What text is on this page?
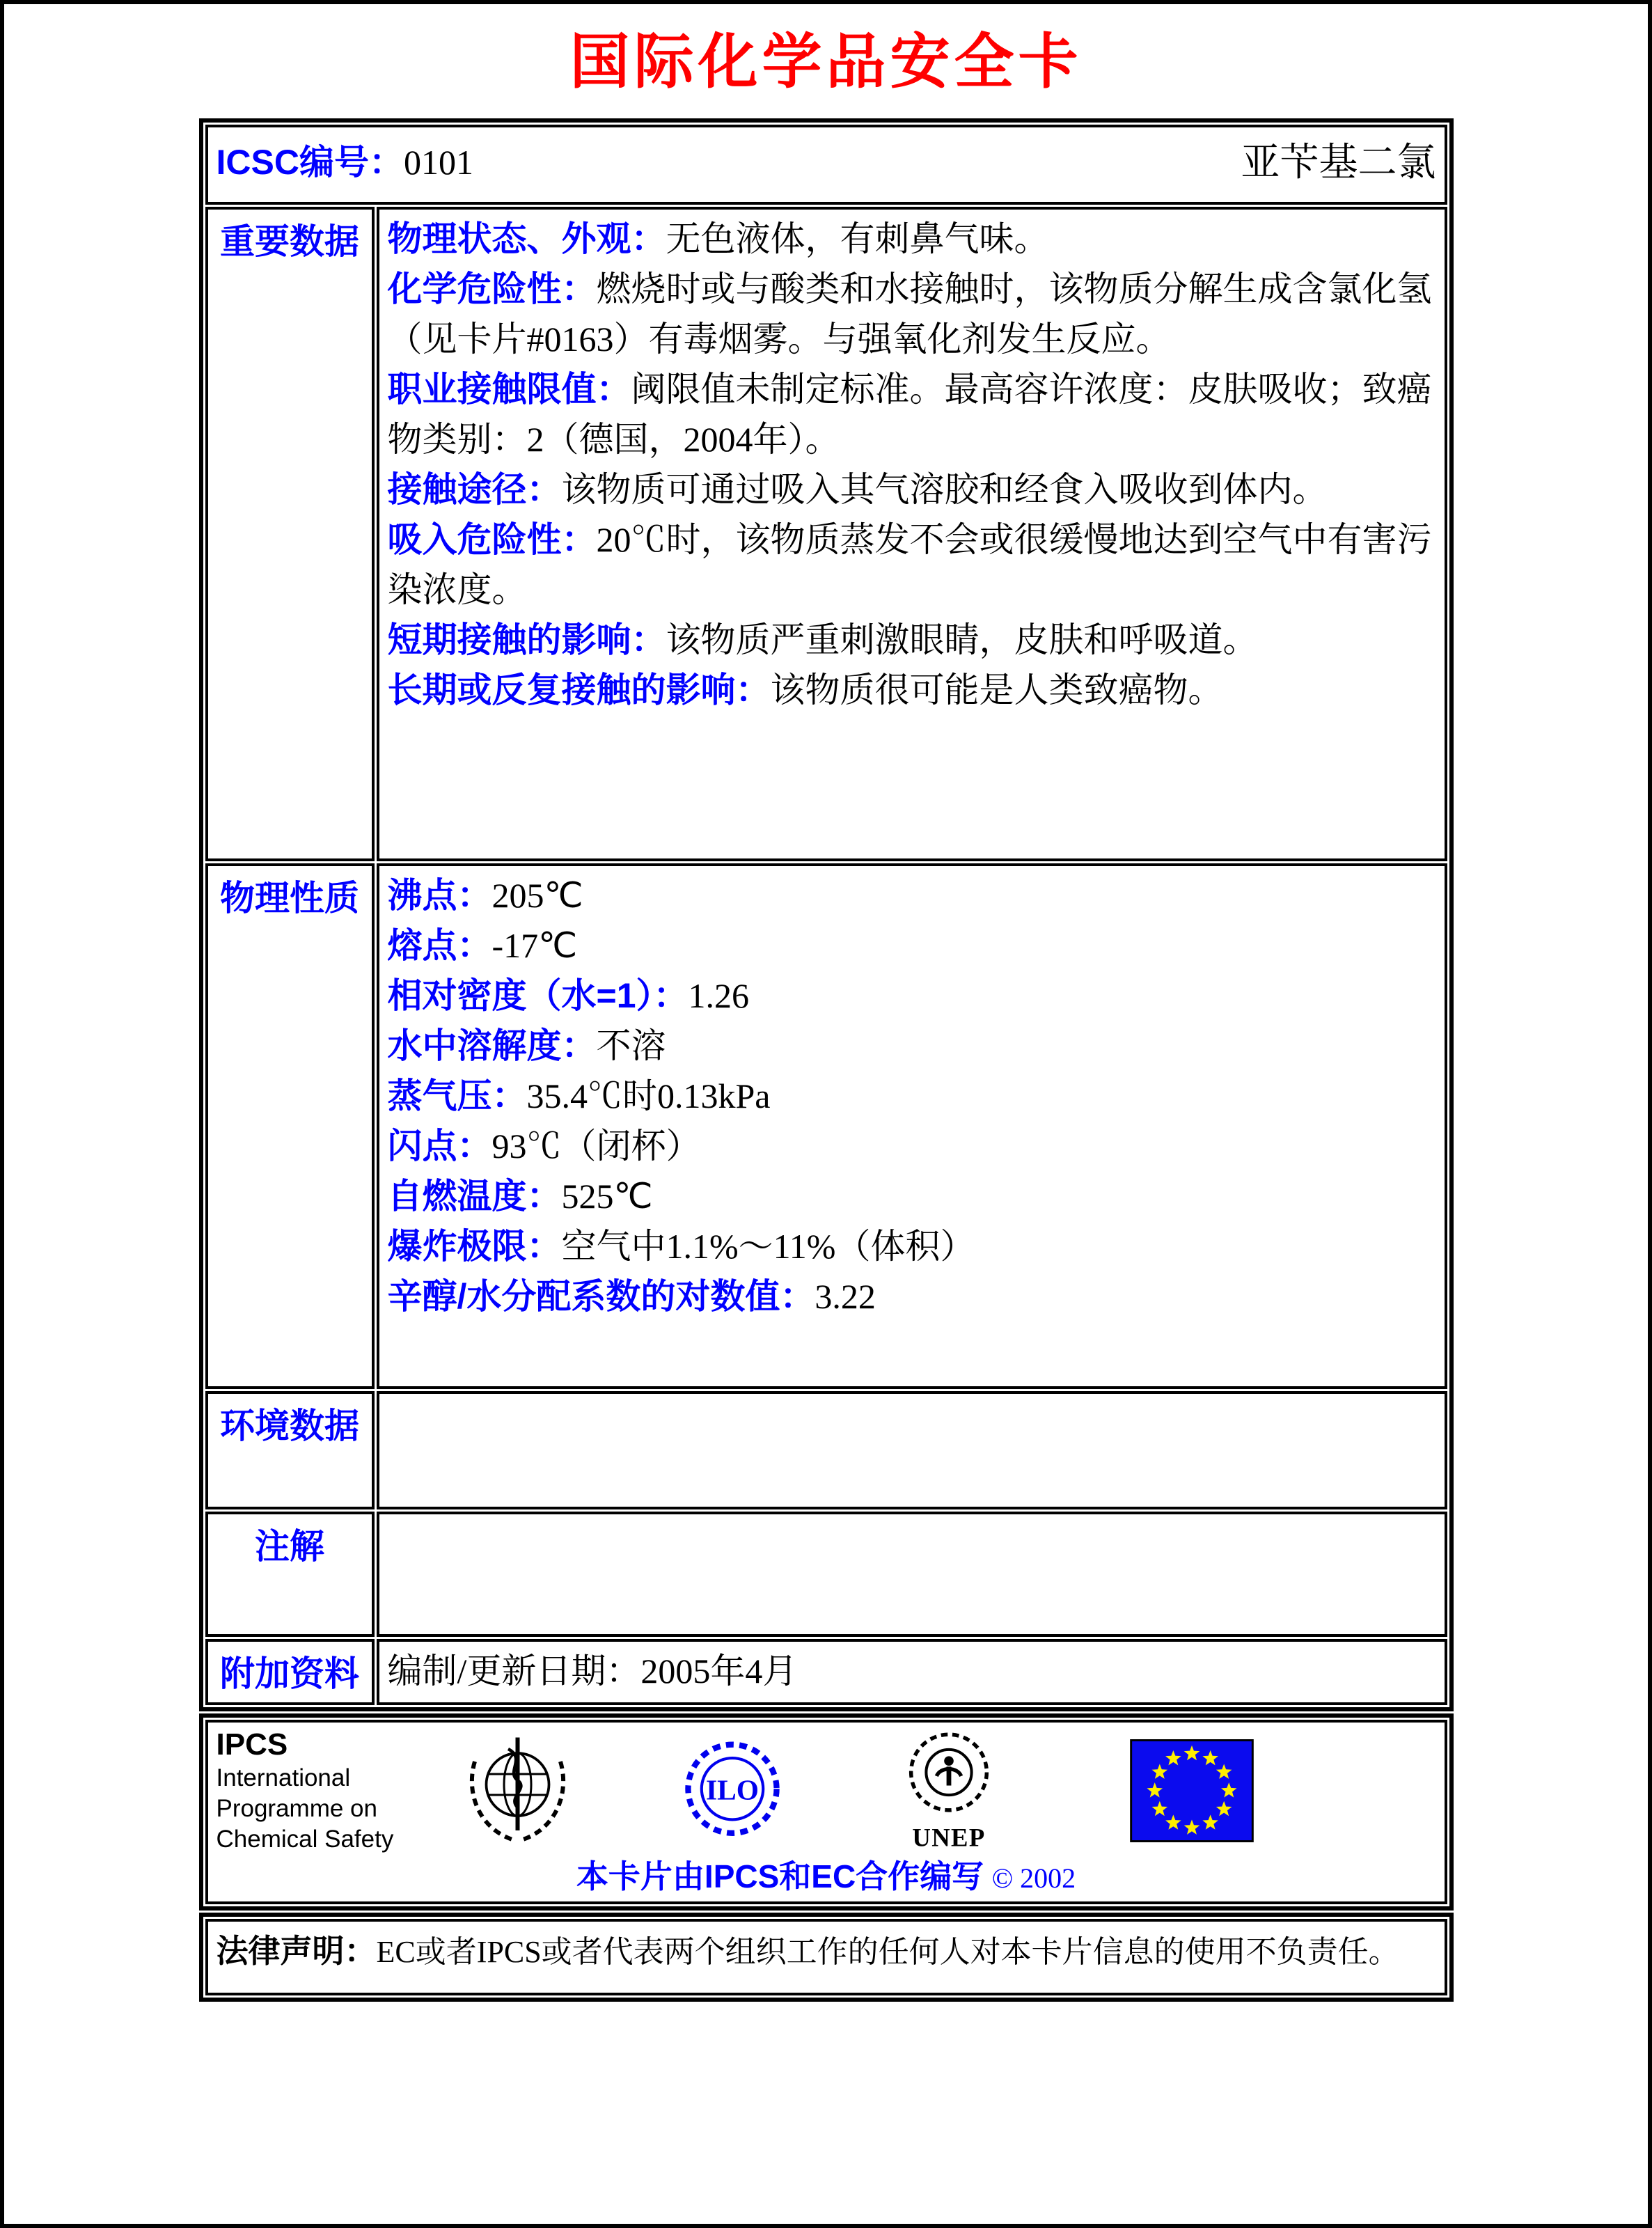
国际化学品安全卡
ICSC编号：0101 亚苄基二氯	

重要数据	物理状态、外观：无色液体，有刺鼻气味。
化学危险性：燃烧时或与酸类和水接触时，该物质分解生成含氯化氢（见卡片#0163）有毒烟雾。与强氧化剂发生反应。
职业接触限值：阈限值未制定标准。最高容许浓度：皮肤吸收；致癌物类别：2（德国，2004年）。
接触途径：该物质可通过吸入其气溶胶和经食入吸收到体内。
吸入危险性：20℃时，该物质蒸发不会或很缓慢地达到空气中有害污染浓度。
短期接触的影响：该物质严重刺激眼睛，皮肤和呼吸道。
长期或反复接触的影响：该物质很可能是人类致癌物。

物理性质	沸点：205℃
熔点：-17℃
相对密度（水=1）：1.26
水中溶解度：不溶
蒸气压：35.4℃时0.13kPa
闪点：93℃（闭杯）
自燃温度：525℃
爆炸极限：空气中1.1%～11%（体积）
辛醇/水分配系数的对数值：3.22

环境数据	
注解	
附加资料	编制/更新日期：2005年4月
IPCS
International
Programme on
Chemical Safety
ILO
UNEP
本卡片由IPCS和EC合作编写 © 2002
法律声明：EC或者IPCS或者代表两个组织工作的任何人对本卡片信息的使用不负责任。
